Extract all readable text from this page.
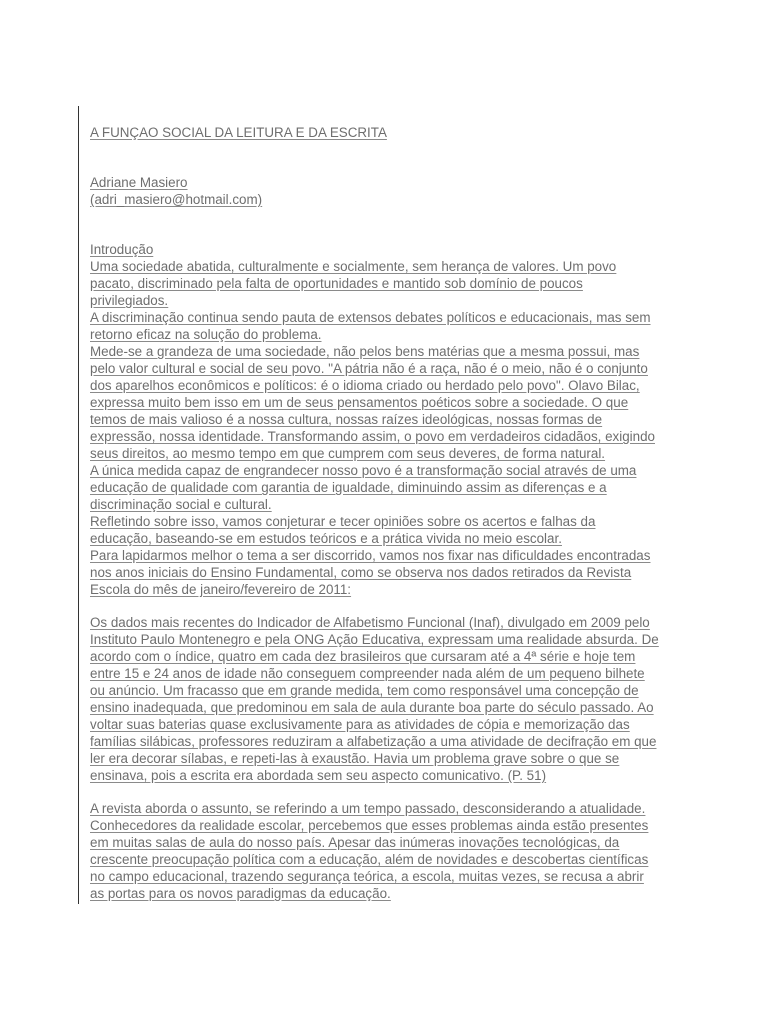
A FUNÇAO SOCIAL DA LEITURA E DA ESCRITA
Adriane Masiero
(adri_masiero@hotmail.com)
Introdução
Uma sociedade abatida, culturalmente e socialmente, sem herança de valores. Um povo
pacato, discriminado pela falta de oportunidades e mantido sob domínio de poucos
privilegiados.
A discriminação continua sendo pauta de extensos debates políticos e educacionais, mas sem
retorno eficaz na solução do problema.
Mede-se a grandeza de uma sociedade, não pelos bens matérias que a mesma possui, mas
pelo valor cultural e social de seu povo. "A pátria não é a raça, não é o meio, não é o conjunto
dos aparelhos econômicos e políticos: é o idioma criado ou herdado pelo povo". Olavo Bilac,
expressa muito bem isso em um de seus pensamentos poéticos sobre a sociedade. O que
temos de mais valioso é a nossa cultura, nossas raízes ideológicas, nossas formas de
expressão, nossa identidade. Transformando assim, o povo em verdadeiros cidadãos, exigindo
seus direitos, ao mesmo tempo em que cumprem com seus deveres, de forma natural.
A única medida capaz de engrandecer nosso povo é a transformação social através de uma
educação de qualidade com garantia de igualdade, diminuindo assim as diferenças e a
discriminação social e cultural.
Refletindo sobre isso, vamos conjeturar e tecer opiniões sobre os acertos e falhas da
educação, baseando-se em estudos teóricos e a prática vivida no meio escolar.
Para lapidarmos melhor o tema a ser discorrido, vamos nos fixar nas dificuldades encontradas
nos anos iniciais do Ensino Fundamental, como se observa nos dados retirados da Revista
Escola do mês de janeiro/fevereiro de 2011:
Os dados mais recentes do Indicador de Alfabetismo Funcional (Inaf), divulgado em 2009 pelo
Instituto Paulo Montenegro e pela ONG Ação Educativa, expressam uma realidade absurda. De
acordo com o índice, quatro em cada dez brasileiros que cursaram até a 4ª série e hoje tem
entre 15 e 24 anos de idade não conseguem compreender nada além de um pequeno bilhete
ou anúncio. Um fracasso que em grande medida, tem como responsável uma concepção de
ensino inadequada, que predominou em sala de aula durante boa parte do século passado. Ao
voltar suas baterias quase exclusivamente para as atividades de cópia e memorização das
famílias silábicas, professores reduziram a alfabetização a uma atividade de decifração em que
ler era decorar sílabas, e repeti-las à exaustão. Havia um problema grave sobre o que se
ensinava, pois a escrita era abordada sem seu aspecto comunicativo. (P. 51)
A revista aborda o assunto, se referindo a um tempo passado, desconsiderando a atualidade.
Conhecedores da realidade escolar, percebemos que esses problemas ainda estão presentes
em muitas salas de aula do nosso país. Apesar das inúmeras inovações tecnológicas, da
crescente preocupação política com a educação, além de novidades e descobertas científicas
no campo educacional, trazendo segurança teórica, a escola, muitas vezes, se recusa a abrir
as portas para os novos paradigmas da educação.
